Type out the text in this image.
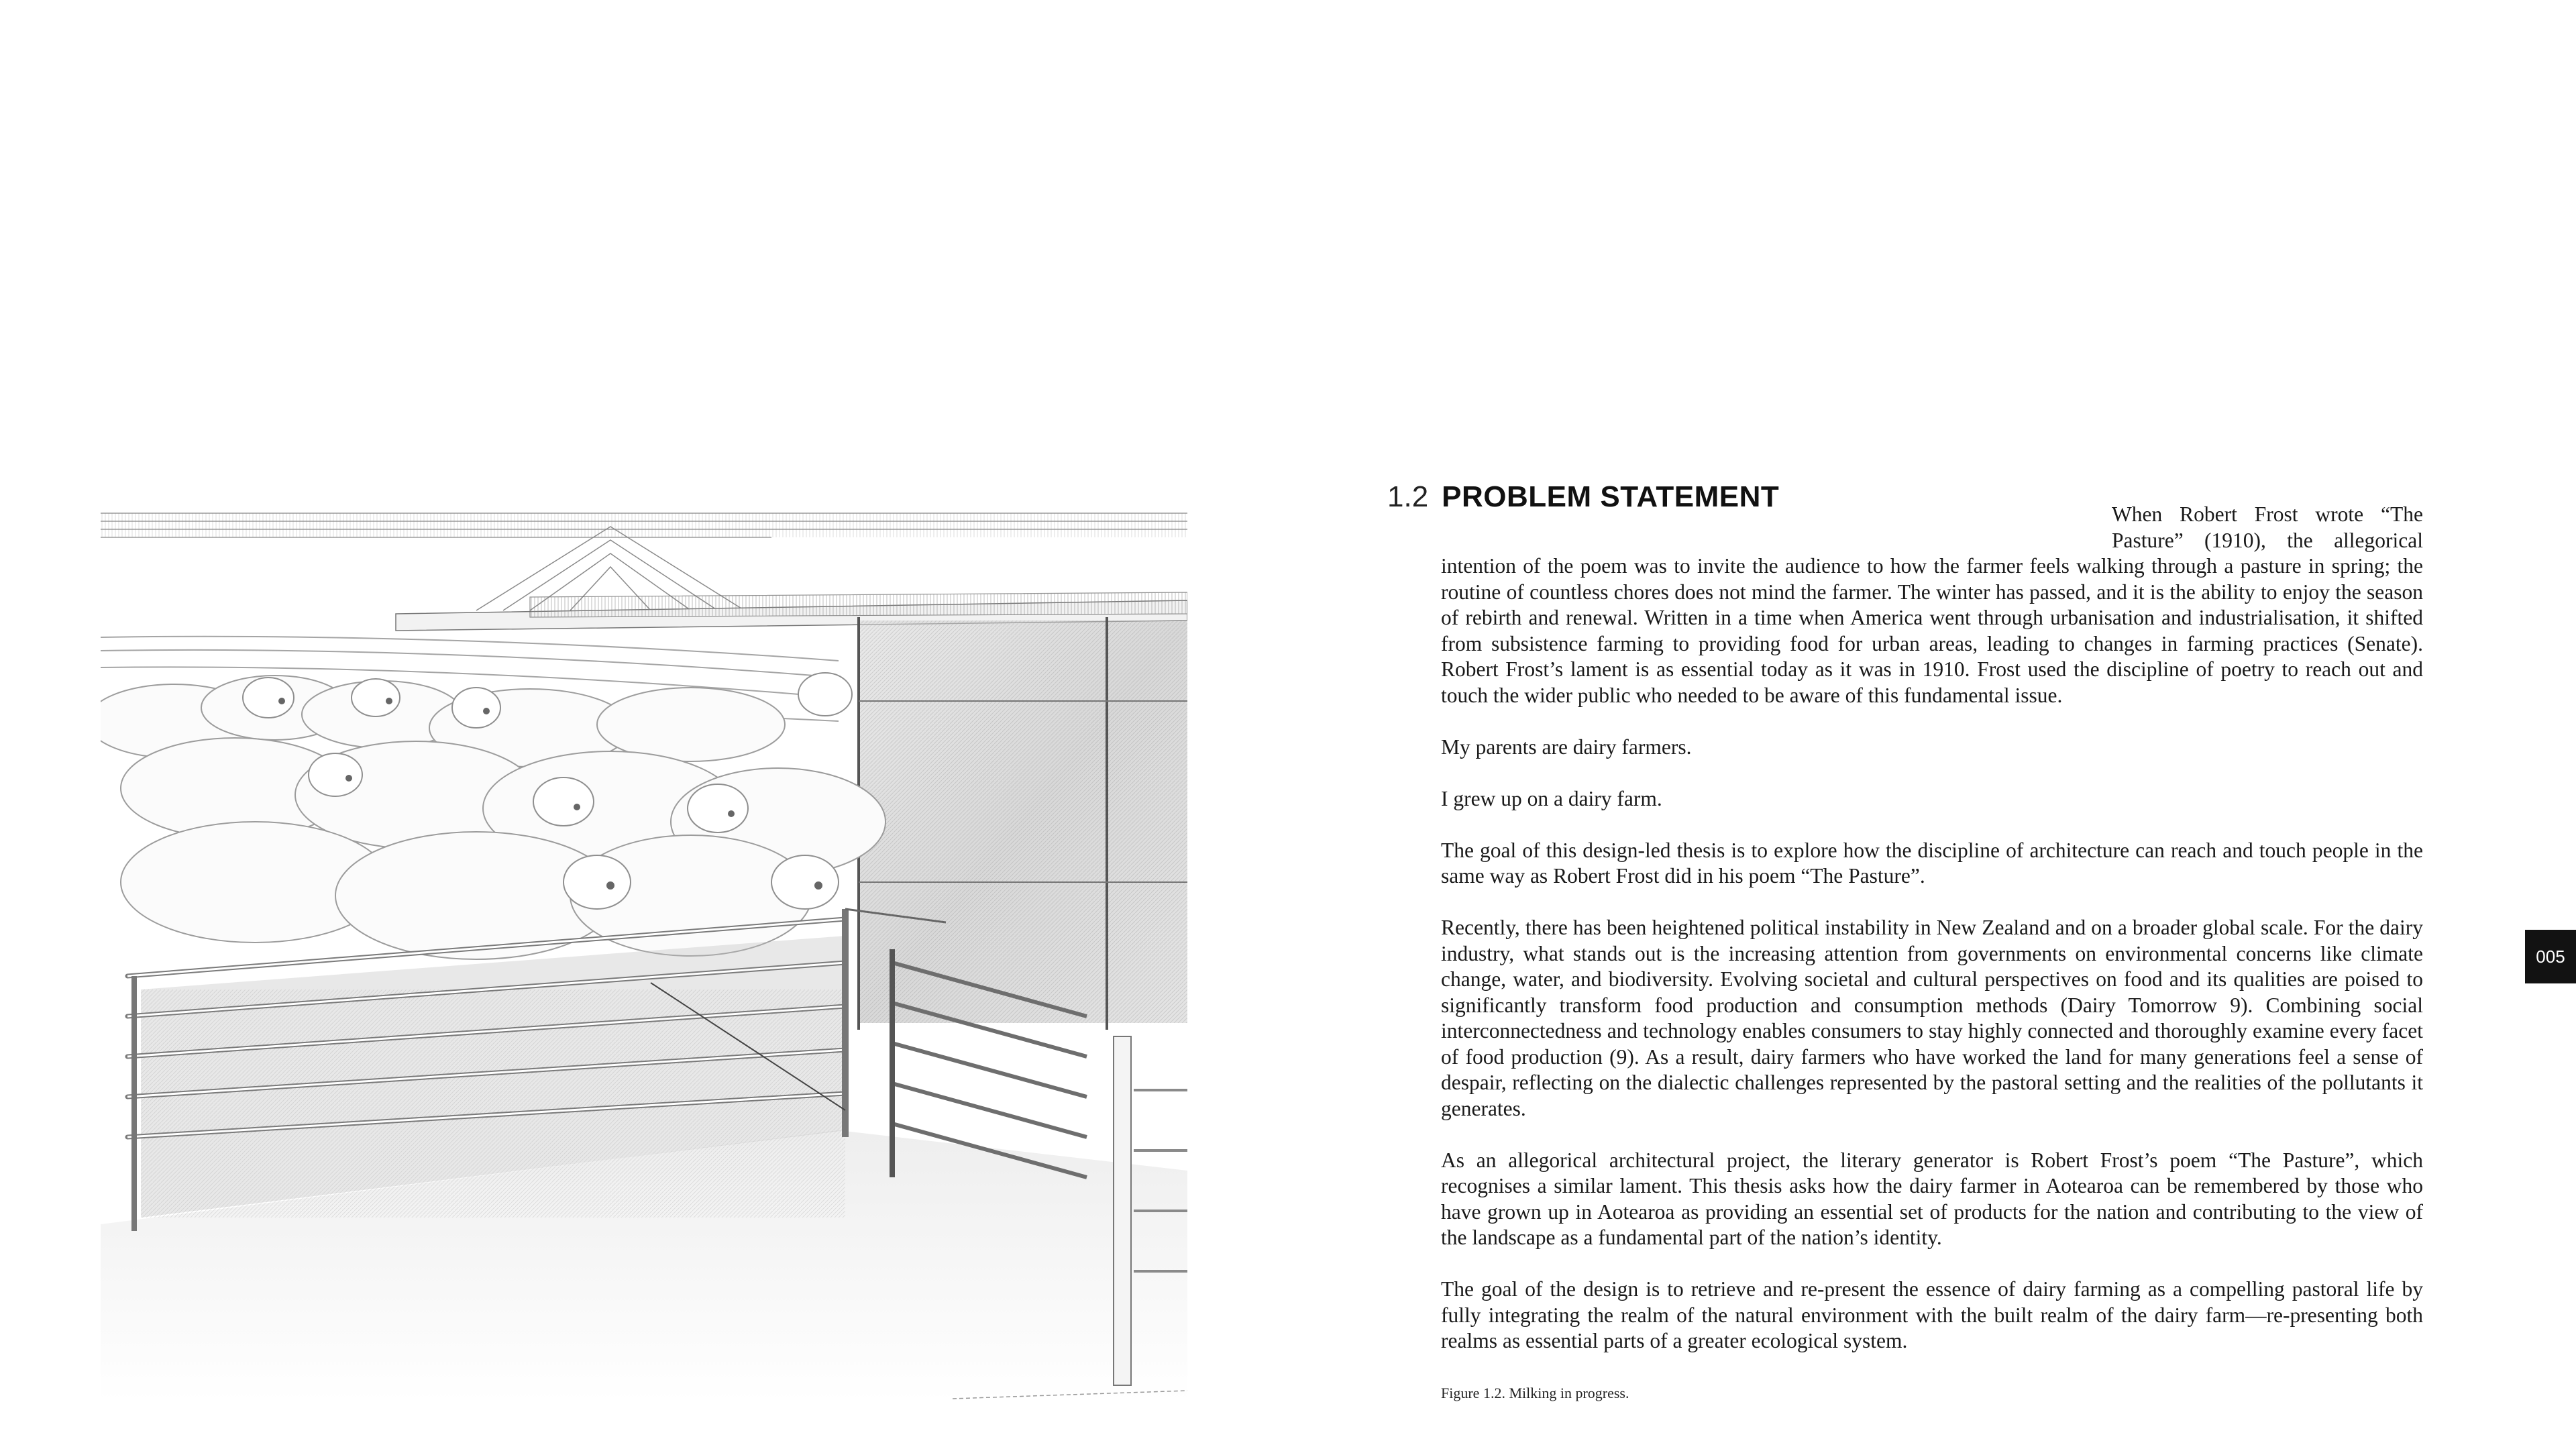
1.2 PROBLEM STATEMENT

When Robert Frost wrote “The Pasture” (1910), the allegorical intention of the poem was to invite the audience to how the farmer feels walking through a pasture in spring; the routine of countless chores does not mind the farmer. The winter has passed, and it is the ability to enjoy the season of rebirth and renewal. Written in a time when America went through urbanisation and industrialisation, it shifted from subsistence farming to providing food for urban areas, leading to changes in farming practices (Senate). Robert Frost’s lament is as essential today as it was in 1910. Frost used the discipline of poetry to reach out and touch the wider public who needed to be aware of this fundamental issue.

My parents are dairy farmers.

I grew up on a dairy farm.

The goal of this design-led thesis is to explore how the discipline of architecture can reach and touch people in the same way as Robert Frost did in his poem “The Pasture”.

Recently, there has been heightened political instability in New Zealand and on a broader global scale. For the dairy industry, what stands out is the increasing attention from governments on environmental concerns like climate change, water, and biodiversity. Evolving societal and cultural perspectives on food and its qualities are poised to significantly transform food production and consumption methods (Dairy Tomorrow 9). Combining social interconnectedness and technology enables consumers to stay highly connected and thoroughly examine every facet of food production (9). As a result, dairy farmers who have worked the land for many generations feel a sense of despair, reflecting on the dialectic challenges represented by the pastoral setting and the realities of the pollutants it generates.

As an allegorical architectural project, the literary generator is Robert Frost’s poem “The Pasture”, which recognises a similar lament. This thesis asks how the dairy farmer in Aotearoa can be remembered by those who have grown up in Aotearoa as providing an essential set of products for the nation and contributing to the view of the landscape as a fundamental part of the nation’s identity.

The goal of the design is to retrieve and re-present the essence of dairy farming as a compelling pastoral life by fully integrating the realm of the natural environment with the built realm of the dairy farm—re-presenting both realms as essential parts of a greater ecological system.

Figure 1.2. Milking in progress.
005
